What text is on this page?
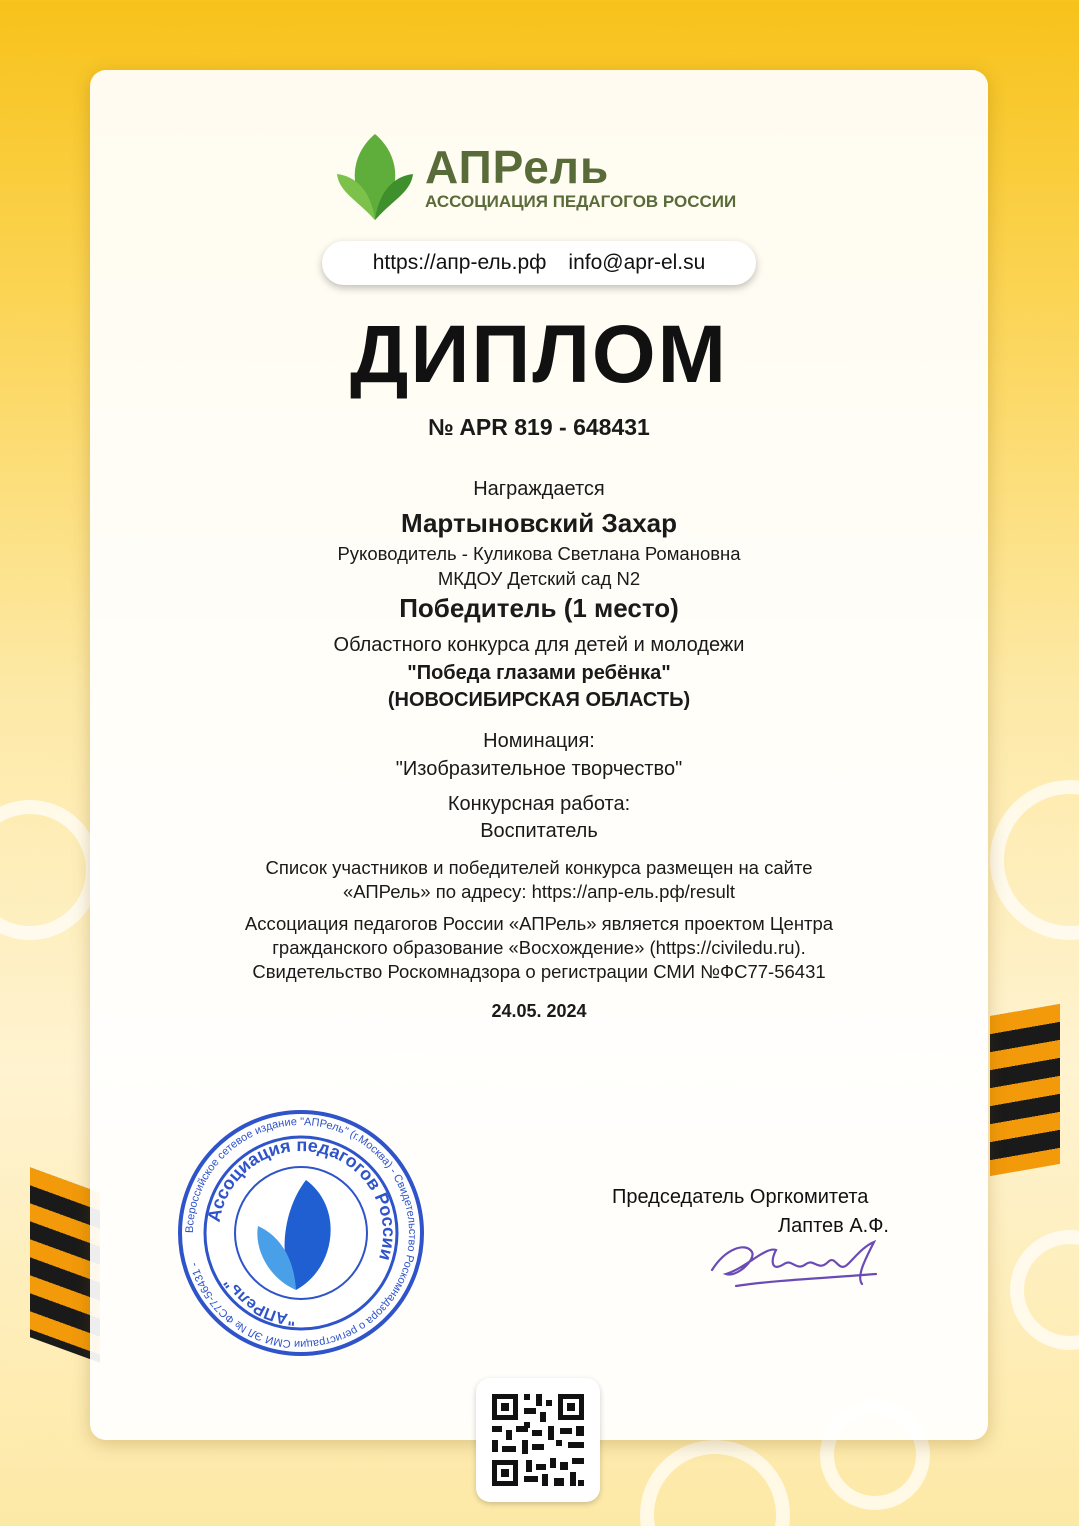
АПРель
АССОЦИАЦИЯ ПЕДАГОГОВ РОССИИ
https://апр-ель.рф info@apr-el.su
ДИПЛОМ
№ APR 819 - 648431
Награждается
Мартыновский Захар
Руководитель - Куликова Светлана Романовна
МКДОУ Детский сад N2
Победитель (1 место)
Областного конкурса для детей и молодежи
"Победа глазами ребёнка"
(НОВОСИБИРСКАЯ ОБЛАСТЬ)
Номинация:
"Изобразительное творчество"
Конкурсная работа:
Воспитатель
Список участников и победителей конкурса размещен на сайте
«АПРель» по адресу: https://апр-ель.рф/result
Ассоциация педагогов России «АПРель» является проектом Центра
гражданского образование «Восхождение» (https://civiledu.ru).
Свидетельство Роскомнадзора о регистрации СМИ №ФС77-56431
24.05. 2024
Всероссийское сетевое издание "АПРель" (г.Москва) - Свидетельство Роскомнадзора о регистрации СМИ ЭЛ № ФС77-56431 -
Ассоциация педагогов России
"АПРель"
Председатель Оргкомитета
Лаптев А.Ф.
